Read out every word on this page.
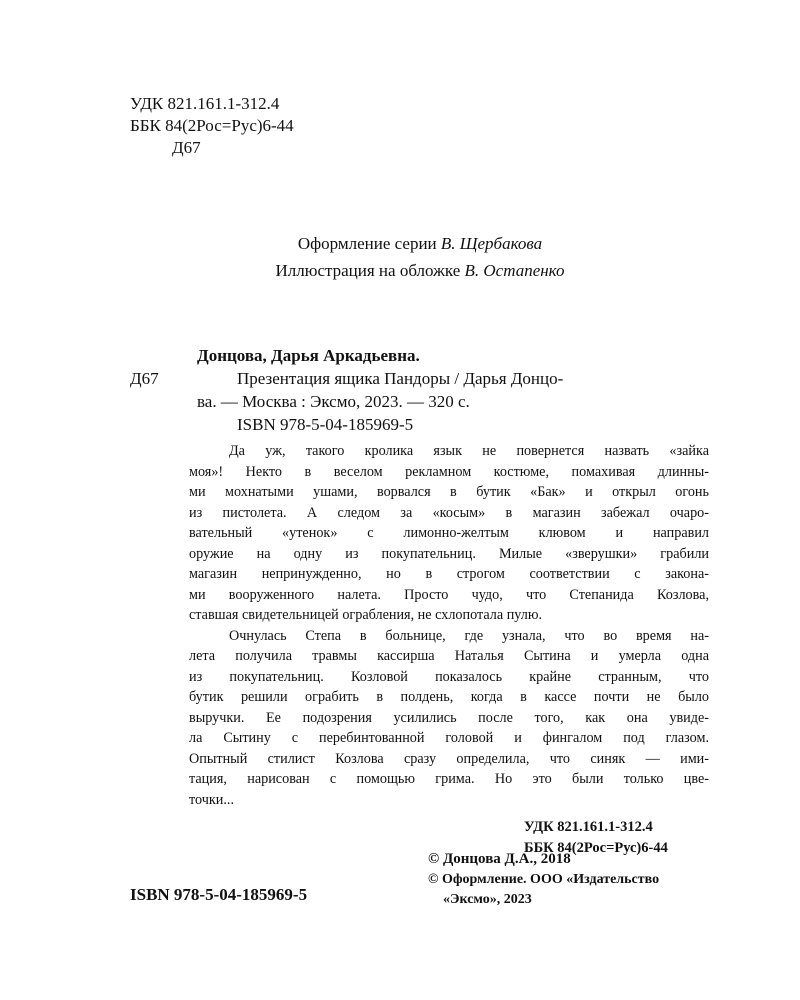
УДК 821.161.1-312.4
ББК 84(2Рос=Рус)6-44
Д67
Оформление серии В. Щербакова
Иллюстрация на обложке В. Остапенко
Донцова, Дарья Аркадьевна.
Д67	Презентация ящика Пандоры / Дарья Донцо-
ва. — Москва : Эксмо, 2023. — 320 с.
ISBN 978-5-04-185969-5
Да уж, такого кролика язык не повернется назвать «зайка
моя»! Некто в веселом рекламном костюме, помахивая длинны-
ми мохнатыми ушами, ворвался в бутик «Бак» и открыл огонь
из пистолета. А следом за «косым» в магазин забежал очаро-
вательный «утенок» с лимонно-желтым клювом и направил
оружие на одну из покупательниц. Милые «зверушки» грабили
магазин непринужденно, но в строгом соответствии с закона-
ми вооруженного налета. Просто чудо, что Степанида Козлова,
ставшая свидетельницей ограбления, не схлопотала пулю.
Очнулась Степа в больнице, где узнала, что во время на-
лета получила травмы кассирша Наталья Сытина и умерла одна
из покупательниц. Козловой показалось крайне странным, что
бутик решили ограбить в полдень, когда в кассе почти не было
выручки. Ее подозрения усилились после того, как она увиде-
ла Сытину с перебинтованной головой и фингалом под глазом.
Опытный стилист Козлова сразу определила, что синяк — ими-
тация, нарисован с помощью грима. Но это были только цве-
точки...
УДК 821.161.1-312.4
ББК 84(2Рос=Рус)6-44
© Донцова Д.А., 2018
© Оформление. ООО «Издательство
«Эксмо», 2023
ISBN 978-5-04-185969-5
